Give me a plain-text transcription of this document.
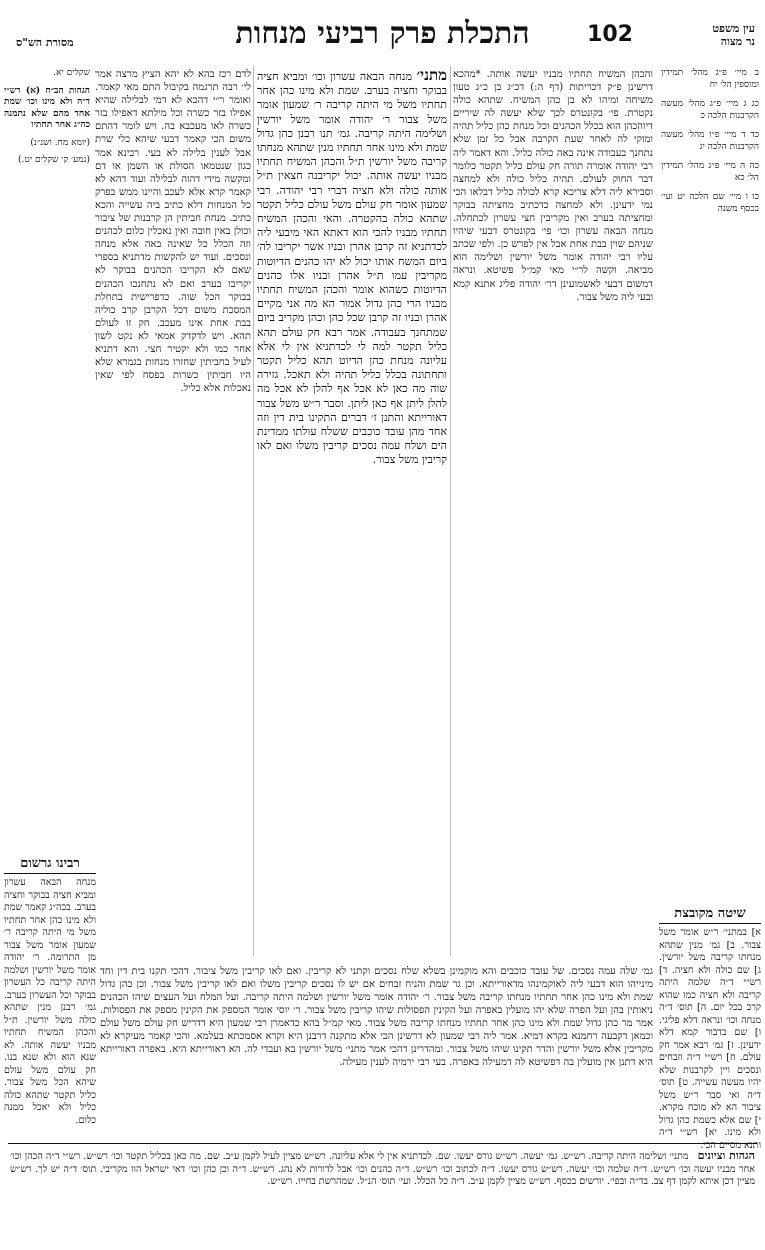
עין משפט
נר מצוה
102
התכלת פרק רביעי מנחות
מסורת הש"ס

ב מיי׳ פ״ג מהל׳ תמידין ומוספין הל׳ יח

כג ג מיי׳ פ״ג מהל׳ מעשה הקרבנות הלכה כ

כד ד מיי׳ פ״ו מהל׳ מעשה הקרבנות הלכה יג

כה ה מיי׳ פ״ג מהל׳ תמידין הל׳ כא

כו ו מיי׳ שם הלכה יט ועי׳ בכסף משנה

והכהן המשיח תחתיו מבניו יעשה אותה. *מהכא דרשינן פ״ק דכריתות (דף ה:) דכ״ג בן כ״ג טעון משיחה ומיהו לא בן כהן המשיח. שתהא כולה נקטרת. פי׳ בקונטרס לכך שלא יעשה לה שיריים דיוהכהן הוא בכלל הכהנים וכל מנחת כהן כליל תהיה ומוקי לה לאחר שעת הקרבה אבל כל זמן שלא נתחנך בעבודה אינה באה כולה כליל. והא דאמר ליה רבי יהודה אומרה תורה חק עולם כליל תקטר כלומר דבר החוק לעולם. תהיה כליל כולה ולא למחצה וסבירא ליה דלא צריכא קרא לכולה כליל דבלאו הכי נמי ידעינן. ולא למחצה כדכתיב מחציתה בבוקר ומחציתה בערב ואין מקריבין חצי עשרון לכתחלה. מנחה הבאה עשרון וכו׳ פי׳ בקונטרס דבעי שיהיו שניהם שוין בבת אחת אבל אין לפרש כן. ולפי שכתב עליו רבי יהודה אומר משל יורשין ושלימה הוא מביאה. וקשה לר״י מאי קמ״ל פשיטא. ונראה דמשום דבעי לאשמועינן דר׳ יהודה פליג אתנא קמא ובעי ליה משל צבור.

מתני׳ מנחה הבאה עשרון וכו׳ ומביא חציה בבוקר וחציה בערב. שמת ולא מינו כהן אחר תחתיו משל מי היתה קריבה ר׳ שמעון אומר משל צבור ר׳ יהודה אומר משל יורשין ושלימה היתה קריבה. גמ׳ תנו רבנן כהן גדול שמת ולא מינו אחר תחתיו מנין שתהא מנחתו קריבה משל יורשין ת״ל והכהן המשיח תחתיו מבניו יעשה אותה. יכול יקריבנה חצאין ת״ל אותה כולה ולא חציה דברי רבי יהודה. רבי שמעון אומר חק עולם משל עולם כליל תקטר שתהא כולה בהקטרה. והאי והכהן המשיח תחתיו מבניו להכי הוא דאתא האי מיבעי ליה לכדתניא זה קרבן אהרן ובניו אשר יקריבו לה׳ ביום המשח אותו יכול לא יהו כהנים הדיוטות מקריבין עמו ת״ל אהרן ובניו אלו כהנים הדיוטות כשהוא אומר והכהן המשיח תחתיו מבניו הרי כהן גדול אמור הא מה אני מקיים אהרן ובניו זה קרבן שכל כהן וכהן מקריב ביום שמתחנך בעבודה. אמר רבא חק עולם תהא כליל תקטר למה לי לכדתניא אין לי אלא עליונה מנחת כהן הדיוט תהא כליל תקטר ותחתונה בכלל כליל תהיה ולא תאכל. גזירה שוה מה כאן לא אכל אף להלן לא אכל מה להלן ליתן אף כאן ליתן. וסבר ר״ש משל צבור דאורייתא והתנן ז׳ דברים התקינו בית דין וזה אחד מהן עובד כוכבים ששלח עולתו ממדינת הים ושלח עמה נסכים קריבין משלו ואם לאו קריבין משל צבור.

לדם רכז בהא לא יהא הציץ מרצה אמר לי׳ רבה תרגמה בקיבול התם מאי קאמר. ואומר ר״י דהכא לא דמי לבלילה שהיא אפילו בזר כשרה וכל מילתא דאפילו בזר כשרה לאו מעכבא בה. ויש לומר דהתם משום הכי קאמר דבעי שיהא כלי שרת אבל לענין בלילה לא בעי. רבינא אמר כגון שנטמאו הסולת או השמן או דם ומקשה מידי דהוה לבלילה ועוד דהא לא קאמר קרא אלא לעכב והיינו ממש בפרק כל המנחות דלא כתיב ביה עשייה והכא כתיב. מנחת חביתין הן קרבנות של ציבור וכולן באין חובה ואין נאכלין כלום לכהנים וזה הכלל כל שאינה באה אלא מנחה ונסכים. ועוד יש להקשות מדתניא בספרי שאם לא הקריבו הכהנים בבוקר לא יקריבו בערב ואם לא נתחנכו הכהנים בבוקר הכל שוה. כדפרישית בתחלת המסכת משום דכל הקרבן קרב כוליה בבת אחת אינו מעכב. חק זו לעולם תהא. ויש לדקדק אמאי לא נקט לשון אחר כמו ולא יקטיר חצי. והא דתניא לעיל בחביתין שחזרו מנחות בגמרא שלא היו חביתין כשרות בפסח לפי שאין נאכלות אלא כליל.

שקלים יא.

הגהות הב״ח (א) רש״י ד״ה ולא מינו וכו׳ שמת אחד מהם שלא נתמנה כה״ג אחר תחתיו

(יומא מח. ושנ״נ)

(נמע׳ ק׳ שקלים יט.)

שיטה מקובצת
א] במתני׳ ר״ש אומר משל צבור. ב] גמ׳ מנין שתהא מנחתו קריבה משל יורשין. ג] שם כולה ולא חציה. ד] רש״י ד״ה שלמה היתה קריבה ולא חציה כמו שהוא קרב בכל יום. ה] תוס׳ ד״ה מנחה וכו׳ ונראה דלא פליגי. ו] שם בדבור קמא דלא ידעינן. ז] גמ׳ רבא אמר חק עולם. ח] רש״י ד״ה וזבחים ונסכים ויין לקרבנות שלא יהיו מעשה עשייה. ט] תוס׳ ד״ה ואי סבר ר״ש משל ציבור הא לא מוכח מקרא. י] שם אלא כשמת כהן גדול ולא מינו. יא] רש״י ד״ה ותנא מסיים הכי.
רבינו גרשום
מנחה הבאה עשרון ומביא חציה בבוקר וחציה בערב. בכה״ג קאמר שמת ולא מינו כהן אחר תחתיו משל מי היתה קריבה ר׳ שמעון אומר משל צבור מן התרומה. ר׳ יהודה אומר משל יורשין ושלמה היתה קריבה כל העשרון בבוקר וכל העשרון בערב. גמ׳ רבנן מנין שתהא כולה משל יורשין. ת״ל והכהן המשיח תחתיו מבניו יעשה אותה. לא שנא הוא ולא שנא בנו. חק עולם משל עולם שיהא הכל משל צבור. כליל תקטר שתהא כולה כליל ולא יאכל ממנה כלום.

גמ׳ שלה עמה נסכים. של עובד כוכבים והא מוקמינן בשלא שלח נסכים וקתני לא קריבין. ואם לאו קריבין משל ציבור. דהכי תקנו בית דין וחד מינייהו הוא דבעי ליה לאוקמינהו מדאורייתא. וכן גר שמת והניח זבחים אם יש לו נסכים קריבין משלו ואם לאו קריבין משל צבור. וכן כהן גדול שמת ולא מינו כהן אחר תחתיו מנחתו קריבה משל צבור. ר׳ יהודה אומר משל יורשין ושלמה היתה קריבה. ועל המלח ועל העצים שיהו הכהנים ניאותין בהן ועל הפרה שלא יהו מועלין באפרה ועל הקינין הפסולות שיהו קריבין משל צבור. ר׳ יוסי אומר המספק את הקינין מספק את הפסולות. אמר מר כהן גדול שמת ולא מינו כהן אחר תחתיו מנחתו קריבה משל צבור. מאי קמ״ל בהא כדאמרן רבי שמעון היא דדריש חק עולם משל עולם וכמאן דקבעה רחמנא בקרא דמיא. אמר ליה רבי שמעון לא דרשינן הכי אלא מתקנה דרבנן היא וקרא אסמכתא בעלמא. והכי קאמר מעיקרא לא מקריבין אלא משל יורשין והדר תקינו שיהו משל צבור. ומהדרינן דהכי אמר מתני׳ משל יורשין בא ועבדי לה. הא דאורייתא היא. באפרה דאורייתא היא דתנן אין מועלין בה דפשיטא לה דמעילה באפרה. בעי רבי ירמיה לענין מעילה.

הגהות וציונים מתני׳ ושלימה היתה קריבה. רש״ש. גמ׳ יעשה. רש״ש גורס יעשו. שם. לכדתניא אין לי אלא עליונה. רש״ש מציין לעיל לקמן ע״ב. שם. מה כאן בכליל תקטר וכו׳ רש״ש. רש״י ד״ה הכהן וכו׳ אחר מבניו יעשה וכו׳ רש״ש. ד״ה שלמה וכו׳ יעשה. רש״ש גורס יעשו. ד״ה לכתוב וכו׳ רש״ש. ד״ה כהנים וכו׳ אבל לדורות לא נהג. רש״ש. ד״ה וכן כהן וכו׳ דאי ישראל הוו מקריבי. תוס׳ ד״ה יש לך. רש״ש מציין דכן איתא לקמן דף צב. בד״ה ובפי׳. יורשים בכסף. רש״ש מציין לקמן ע״ב. ד״ה כל הכלל. ועי׳ תוס׳ הנ״ל. שמהרשת בחייו. רש״ש.
